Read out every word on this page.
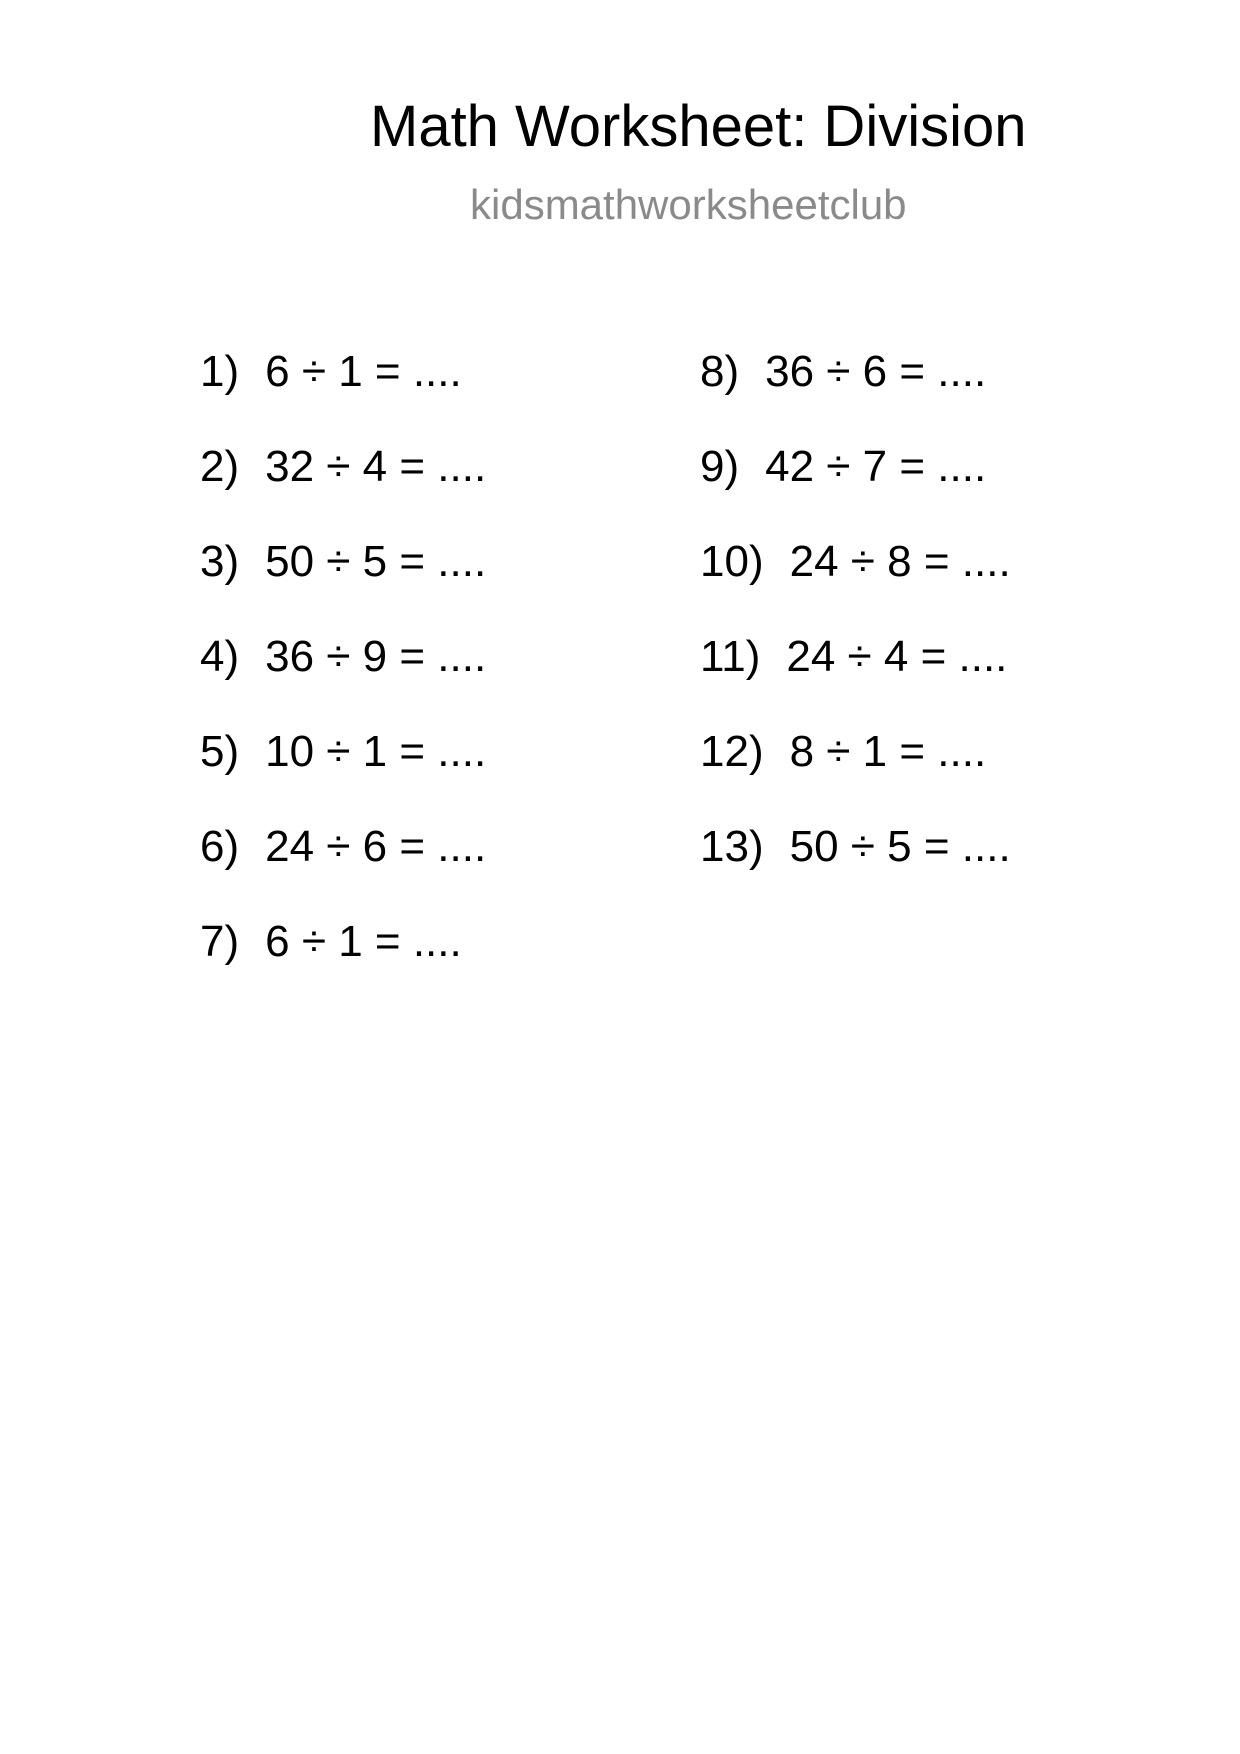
Math Worksheet: Division
kidsmathworksheetclub
1 ) 6 ÷ 1 = ....
2 ) 32 ÷ 4 = ....
3 ) 50 ÷ 5 = ....
4 ) 36 ÷ 9 = ....
5 ) 10 ÷ 1 = ....
6 ) 24 ÷ 6 = ....
7 ) 6 ÷ 1 = ....
8 ) 36 ÷ 6 = ....
9 ) 42 ÷ 7 = ....
10 ) 24 ÷ 8 = ....
11 ) 24 ÷ 4 = ....
12 ) 8 ÷ 1 = ....
13 ) 50 ÷ 5 = ....
